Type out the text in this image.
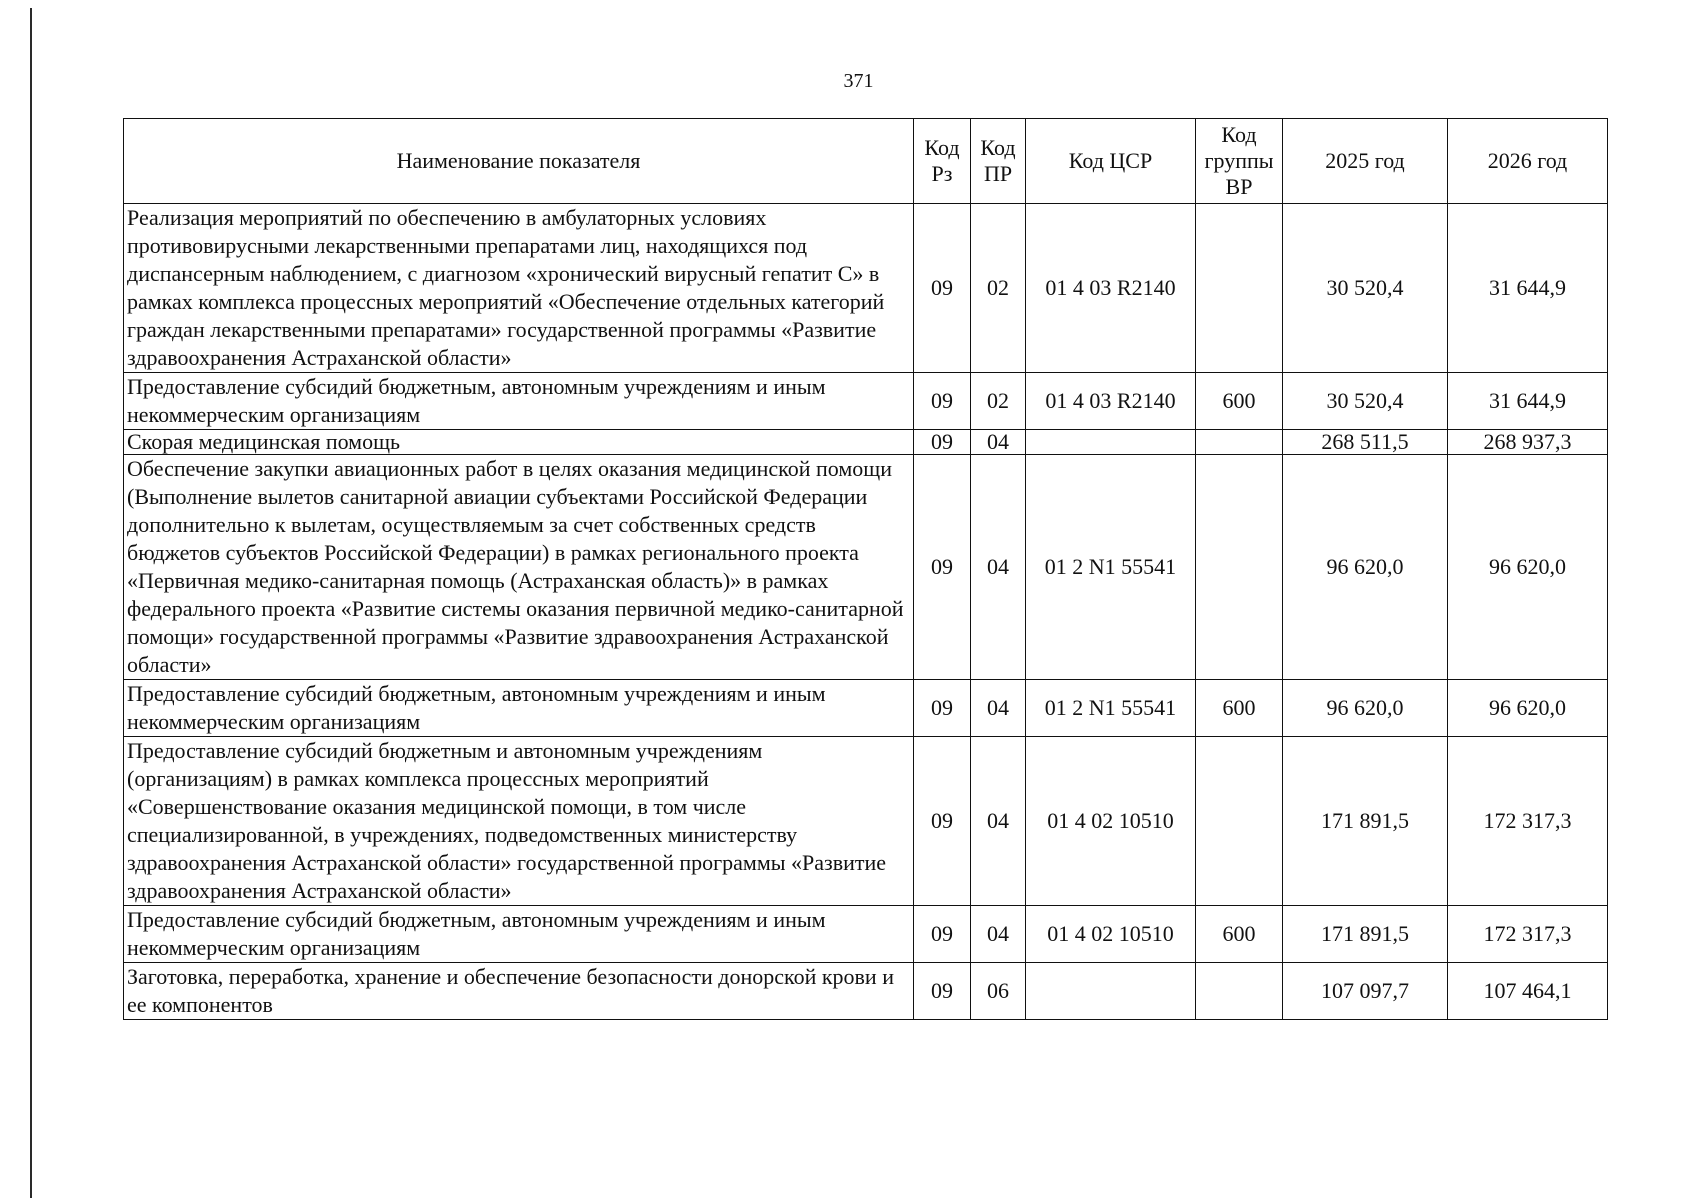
371
Наименование показателя	Код Рз	Код ПР	Код ЦСР	Код группы ВР	2025 год	2026 год
Реализация мероприятий по обеспечению в амбулаторных условиях противовирусными лекарственными препаратами лиц, находящихся под диспансерным наблюдением, с диагнозом «хронический вирусный гепатит С» в рамках комплекса процессных мероприятий «Обеспечение отдельных категорий граждан лекарственными препаратами» государственной программы «Развитие здравоохранения Астраханской области»	09	02	01 4 03 R2140		30 520,4	31 644,9
Предоставление субсидий бюджетным, автономным учреждениям и иным некоммерческим организациям	09	02	01 4 03 R2140	600	30 520,4	31 644,9
Скорая медицинская помощь	09	04			268 511,5	268 937,3
Обеспечение закупки авиационных работ в целях оказания медицинской помощи (Выполнение вылетов санитарной авиации субъектами Российской Федерации дополнительно к вылетам, осуществляемым за счет собственных средств бюджетов субъектов Российской Федерации) в рамках регионального проекта «Первичная медико-санитарная помощь (Астраханская область)» в рамках федерального проекта «Развитие системы оказания первичной медико-санитарной помощи» государственной программы «Развитие здравоохранения Астраханской области»	09	04	01 2 N1 55541		96 620,0	96 620,0
Предоставление субсидий бюджетным, автономным учреждениям и иным некоммерческим организациям	09	04	01 2 N1 55541	600	96 620,0	96 620,0
Предоставление субсидий бюджетным и автономным учреждениям (организациям) в рамках комплекса процессных мероприятий «Совершенствование оказания медицинской помощи, в том числе специализированной, в учреждениях, подведомственных министерству здравоохранения Астраханской области» государственной программы «Развитие здравоохранения Астраханской области»	09	04	01 4 02 10510		171 891,5	172 317,3
Предоставление субсидий бюджетным, автономным учреждениям и иным некоммерческим организациям	09	04	01 4 02 10510	600	171 891,5	172 317,3
Заготовка, переработка, хранение и обеспечение безопасности донорской крови и ее компонентов	09	06			107 097,7	107 464,1
